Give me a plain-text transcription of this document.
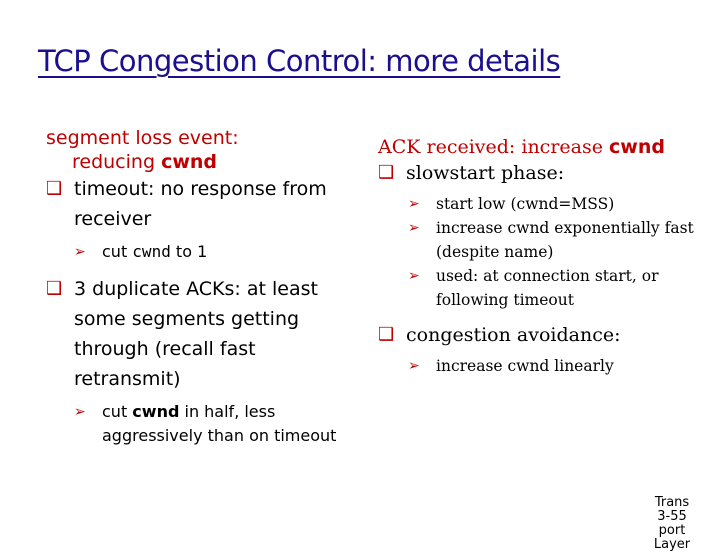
TCP Congestion Control: more details
segment loss event:
reducing cwnd
❑ timeout: no response from receiver
➢ cut cwnd to 1
❑ 3 duplicate ACKs: at least some segments getting through (recall fast retransmit)
➢ cut cwnd in half, less aggressively than on timeout
ACK received: increase cwnd
❑ slowstart phase:
➢ start low (cwnd=MSS)
➢ increase cwnd exponentially fast (despite name)
➢ used: at connection start, or following timeout
❑ congestion avoidance:
➢ increase cwnd linearly
Trans
3-55
port
Layer
